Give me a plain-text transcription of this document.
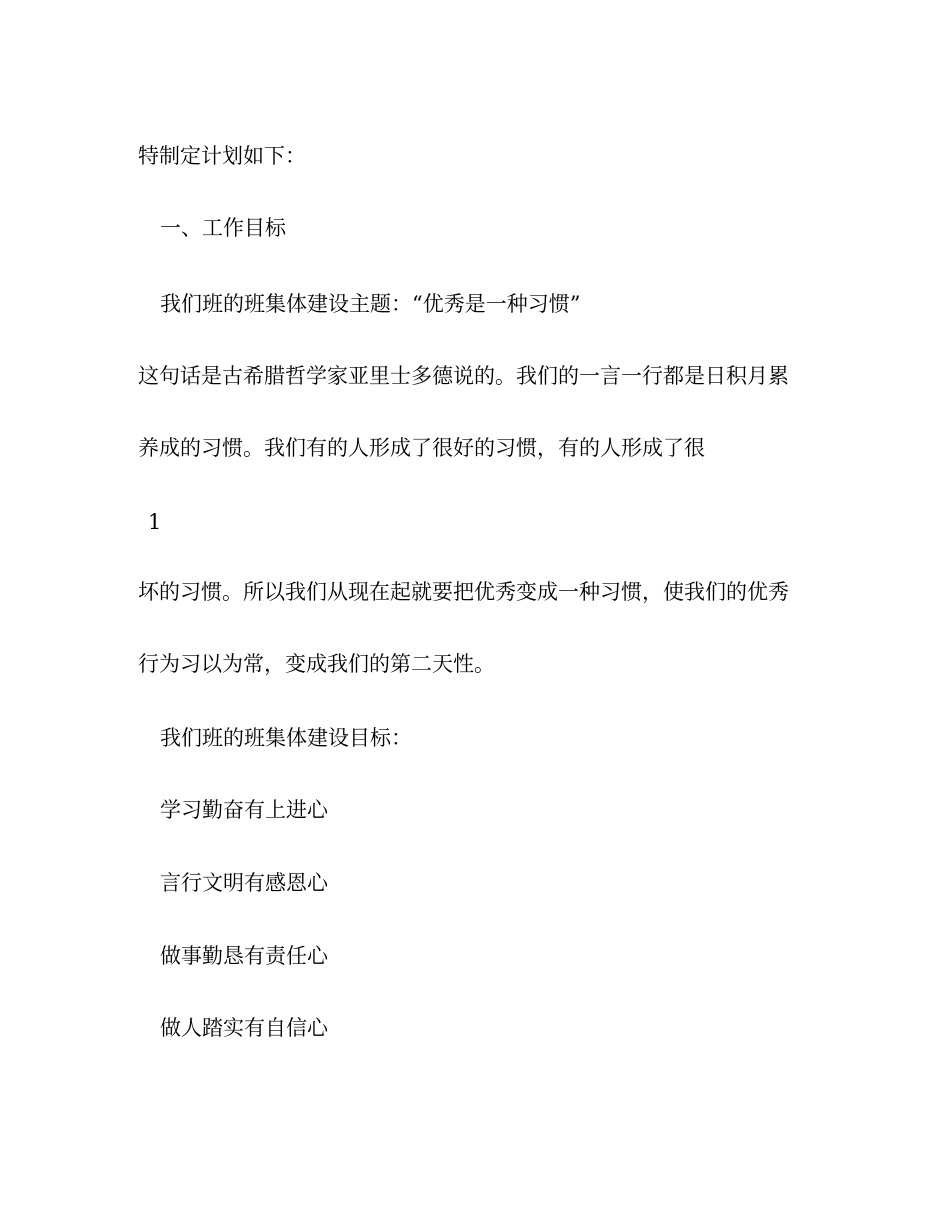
特制定计划如下：
一、工作目标
我们班的班集体建设主题：“优秀是一种习惯”
这句话是古希腊哲学家亚里士多德说的。我们的一言一行都是日积月累
养成的习惯。我们有的人形成了很好的习惯，有的人形成了很
1
坏的习惯。所以我们从现在起就要把优秀变成一种习惯，使我们的优秀
行为习以为常，变成我们的第二天性。
我们班的班集体建设目标：
学习勤奋有上进心
言行文明有感恩心
做事勤恳有责任心
做人踏实有自信心
